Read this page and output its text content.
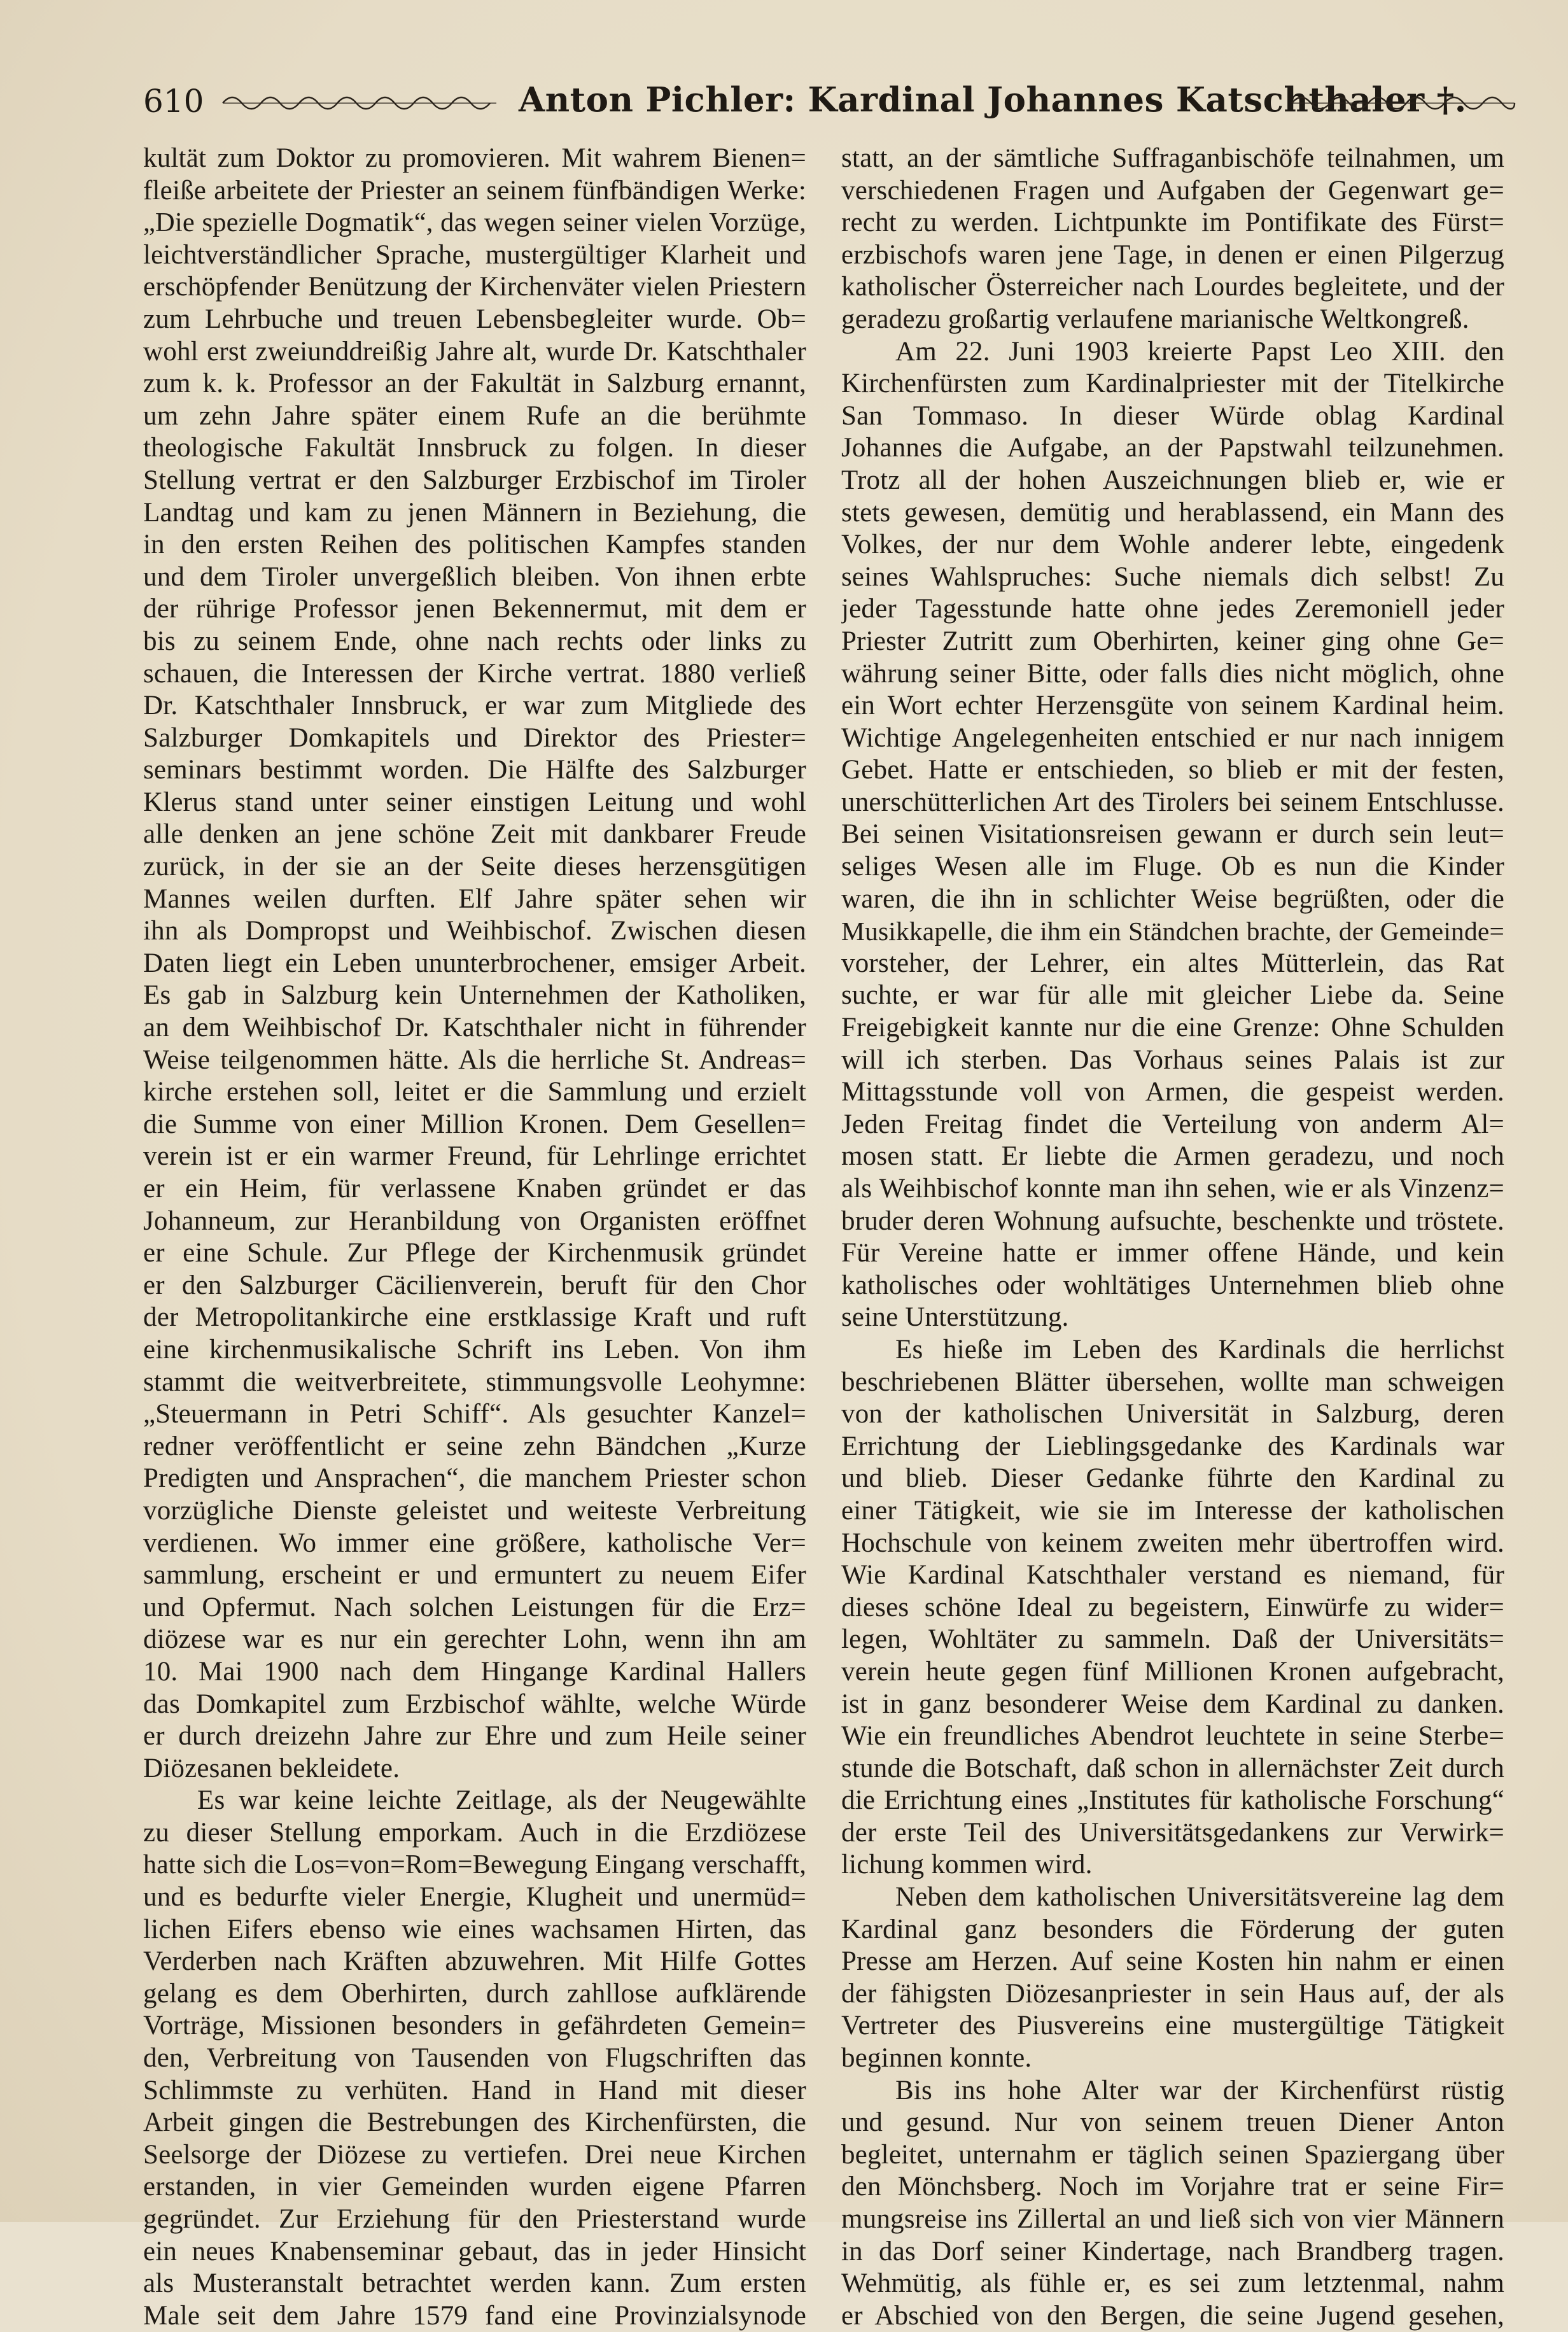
610	Anton Pichler: Kardinal Johannes Katschthaler †.
kultät zum Doktor zu promovieren. Mit wahrem Bienen=
fleiße arbeitete der Priester an seinem fünfbändigen Werke:
„Die spezielle Dogmatik“, das wegen seiner vielen Vorzüge,
leichtverständlicher Sprache, mustergültiger Klarheit und
erschöpfender Benützung der Kirchenväter vielen Priestern
zum Lehrbuche und treuen Lebensbegleiter wurde. Ob=
wohl erst zweiunddreißig Jahre alt, wurde Dr. Katschthaler
zum k. k. Professor an der Fakultät in Salzburg ernannt,
um zehn Jahre später einem Rufe an die berühmte
theologische Fakultät Innsbruck zu folgen. In dieser
Stellung vertrat er den Salzburger Erzbischof im Tiroler
Landtag und kam zu jenen Männern in Beziehung, die
in den ersten Reihen des politischen Kampfes standen
und dem Tiroler unvergeßlich bleiben. Von ihnen erbte
der rührige Professor jenen Bekennermut, mit dem er
bis zu seinem Ende, ohne nach rechts oder links zu
schauen, die Interessen der Kirche vertrat. 1880 verließ
Dr. Katschthaler Innsbruck, er war zum Mitgliede des
Salzburger Domkapitels und Direktor des Priester=
seminars bestimmt worden. Die Hälfte des Salzburger
Klerus stand unter seiner einstigen Leitung und wohl
alle denken an jene schöne Zeit mit dankbarer Freude
zurück, in der sie an der Seite dieses herzensgütigen
Mannes weilen durften. Elf Jahre später sehen wir
ihn als Dompropst und Weihbischof. Zwischen diesen
Daten liegt ein Leben ununterbrochener, emsiger Arbeit.
Es gab in Salzburg kein Unternehmen der Katholiken,
an dem Weihbischof Dr. Katschthaler nicht in führender
Weise teilgenommen hätte. Als die herrliche St. Andreas=
kirche erstehen soll, leitet er die Sammlung und erzielt
die Summe von einer Million Kronen. Dem Gesellen=
verein ist er ein warmer Freund, für Lehrlinge errichtet
er ein Heim, für verlassene Knaben gründet er das
Johanneum, zur Heranbildung von Organisten eröffnet
er eine Schule. Zur Pflege der Kirchenmusik gründet
er den Salzburger Cäcilienverein, beruft für den Chor
der Metropolitankirche eine erstklassige Kraft und ruft
eine kirchenmusikalische Schrift ins Leben. Von ihm
stammt die weitverbreitete, stimmungsvolle Leohymne:
„Steuermann in Petri Schiff“. Als gesuchter Kanzel=
redner veröffentlicht er seine zehn Bändchen „Kurze
Predigten und Ansprachen“, die manchem Priester schon
vorzügliche Dienste geleistet und weiteste Verbreitung
verdienen. Wo immer eine größere, katholische Ver=
sammlung, erscheint er und ermuntert zu neuem Eifer
und Opfermut. Nach solchen Leistungen für die Erz=
diözese war es nur ein gerechter Lohn, wenn ihn am
10. Mai 1900 nach dem Hingange Kardinal Hallers
das Domkapitel zum Erzbischof wählte, welche Würde
er durch dreizehn Jahre zur Ehre und zum Heile seiner
Diözesanen bekleidete.
Es war keine leichte Zeitlage, als der Neugewählte
zu dieser Stellung emporkam. Auch in die Erzdiözese
hatte sich die Los=von=Rom=Bewegung Eingang verschafft,
und es bedurfte vieler Energie, Klugheit und unermüd=
lichen Eifers ebenso wie eines wachsamen Hirten, das
Verderben nach Kräften abzuwehren. Mit Hilfe Gottes
gelang es dem Oberhirten, durch zahllose aufklärende
Vorträge, Missionen besonders in gefährdeten Gemein=
den, Verbreitung von Tausenden von Flugschriften das
Schlimmste zu verhüten. Hand in Hand mit dieser
Arbeit gingen die Bestrebungen des Kirchenfürsten, die
Seelsorge der Diözese zu vertiefen. Drei neue Kirchen
erstanden, in vier Gemeinden wurden eigene Pfarren
gegründet. Zur Erziehung für den Priesterstand wurde
ein neues Knabenseminar gebaut, das in jeder Hinsicht
als Musteranstalt betrachtet werden kann. Zum ersten
Male seit dem Jahre 1579 fand eine Provinzialsynode
statt, an der sämtliche Suffraganbischöfe teilnahmen, um
verschiedenen Fragen und Aufgaben der Gegenwart ge=
recht zu werden. Lichtpunkte im Pontifikate des Fürst=
erzbischofs waren jene Tage, in denen er einen Pilgerzug
katholischer Österreicher nach Lourdes begleitete, und der
geradezu großartig verlaufene marianische Weltkongreß.
Am 22. Juni 1903 kreierte Papst Leo XIII. den
Kirchenfürsten zum Kardinalpriester mit der Titelkirche
San Tommaso. In dieser Würde oblag Kardinal
Johannes die Aufgabe, an der Papstwahl teilzunehmen.
Trotz all der hohen Auszeichnungen blieb er, wie er
stets gewesen, demütig und herablassend, ein Mann des
Volkes, der nur dem Wohle anderer lebte, eingedenk
seines Wahlspruches: Suche niemals dich selbst! Zu
jeder Tagesstunde hatte ohne jedes Zeremoniell jeder
Priester Zutritt zum Oberhirten, keiner ging ohne Ge=
währung seiner Bitte, oder falls dies nicht möglich, ohne
ein Wort echter Herzensgüte von seinem Kardinal heim.
Wichtige Angelegenheiten entschied er nur nach innigem
Gebet. Hatte er entschieden, so blieb er mit der festen,
unerschütterlichen Art des Tirolers bei seinem Entschlusse.
Bei seinen Visitationsreisen gewann er durch sein leut=
seliges Wesen alle im Fluge. Ob es nun die Kinder
waren, die ihn in schlichter Weise begrüßten, oder die
Musikkapelle, die ihm ein Ständchen brachte, der Gemeinde=
vorsteher, der Lehrer, ein altes Mütterlein, das Rat
suchte, er war für alle mit gleicher Liebe da. Seine
Freigebigkeit kannte nur die eine Grenze: Ohne Schulden
will ich sterben. Das Vorhaus seines Palais ist zur
Mittagsstunde voll von Armen, die gespeist werden.
Jeden Freitag findet die Verteilung von anderm Al=
mosen statt. Er liebte die Armen geradezu, und noch
als Weihbischof konnte man ihn sehen, wie er als Vinzenz=
bruder deren Wohnung aufsuchte, beschenkte und tröstete.
Für Vereine hatte er immer offene Hände, und kein
katholisches oder wohltätiges Unternehmen blieb ohne
seine Unterstützung.
Es hieße im Leben des Kardinals die herrlichst
beschriebenen Blätter übersehen, wollte man schweigen
von der katholischen Universität in Salzburg, deren
Errichtung der Lieblingsgedanke des Kardinals war
und blieb. Dieser Gedanke führte den Kardinal zu
einer Tätigkeit, wie sie im Interesse der katholischen
Hochschule von keinem zweiten mehr übertroffen wird.
Wie Kardinal Katschthaler verstand es niemand, für
dieses schöne Ideal zu begeistern, Einwürfe zu wider=
legen, Wohltäter zu sammeln. Daß der Universitäts=
verein heute gegen fünf Millionen Kronen aufgebracht,
ist in ganz besonderer Weise dem Kardinal zu danken.
Wie ein freundliches Abendrot leuchtete in seine Sterbe=
stunde die Botschaft, daß schon in allernächster Zeit durch
die Errichtung eines „Institutes für katholische Forschung“
der erste Teil des Universitätsgedankens zur Verwirk=
lichung kommen wird.
Neben dem katholischen Universitätsvereine lag dem
Kardinal ganz besonders die Förderung der guten
Presse am Herzen. Auf seine Kosten hin nahm er einen
der fähigsten Diözesanpriester in sein Haus auf, der als
Vertreter des Piusvereins eine mustergültige Tätigkeit
beginnen konnte.
Bis ins hohe Alter war der Kirchenfürst rüstig
und gesund. Nur von seinem treuen Diener Anton
begleitet, unternahm er täglich seinen Spaziergang über
den Mönchsberg. Noch im Vorjahre trat er seine Fir=
mungsreise ins Zillertal an und ließ sich von vier Männern
in das Dorf seiner Kindertage, nach Brandberg tragen.
Wehmütig, als fühle er, es sei zum letztenmal, nahm
er Abschied von den Bergen, die seine Jugend gesehen,
